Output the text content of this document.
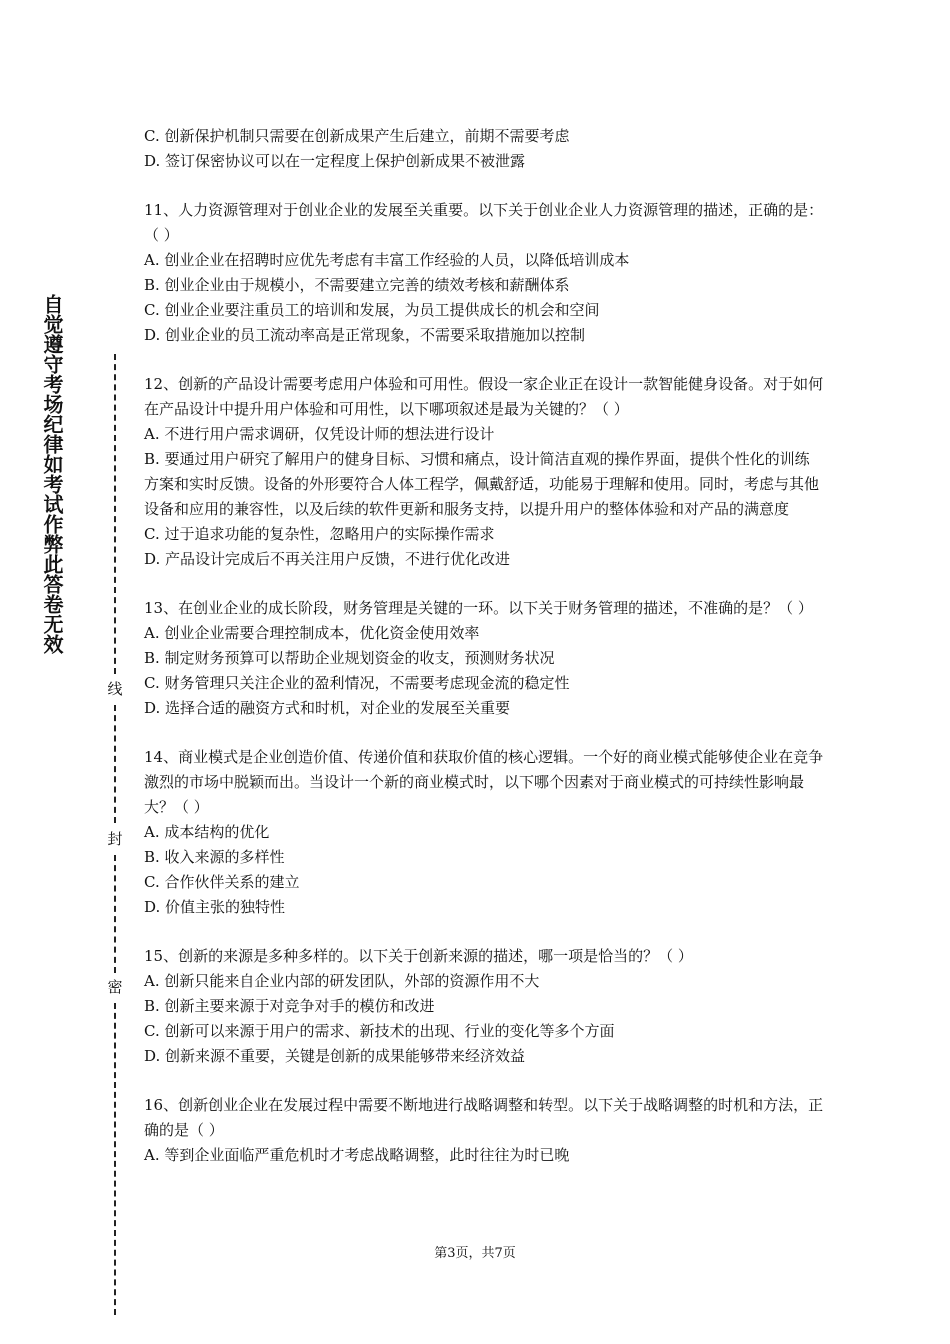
自觉遵守考场纪律如考试作弊此答卷无效
线
封
密
C. 创新保护机制只需要在创新成果产生后建立，前期不需要考虑
D. 签订保密协议可以在一定程度上保护创新成果不被泄露
11、人力资源管理对于创业企业的发展至关重要。以下关于创业企业人力资源管理的描述，正确的是：（ ）
A. 创业企业在招聘时应优先考虑有丰富工作经验的人员，以降低培训成本
B. 创业企业由于规模小，不需要建立完善的绩效考核和薪酬体系
C. 创业企业要注重员工的培训和发展，为员工提供成长的机会和空间
D. 创业企业的员工流动率高是正常现象，不需要采取措施加以控制
12、创新的产品设计需要考虑用户体验和可用性。假设一家企业正在设计一款智能健身设备。对于如何在产品设计中提升用户体验和可用性，以下哪项叙述是最为关键的？（ ）
A. 不进行用户需求调研，仅凭设计师的想法进行设计
B. 要通过用户研究了解用户的健身目标、习惯和痛点，设计简洁直观的操作界面，提供个性化的训练方案和实时反馈。设备的外形要符合人体工程学，佩戴舒适，功能易于理解和使用。同时，考虑与其他设备和应用的兼容性，以及后续的软件更新和服务支持，以提升用户的整体体验和对产品的满意度
C. 过于追求功能的复杂性，忽略用户的实际操作需求
D. 产品设计完成后不再关注用户反馈，不进行优化改进
13、在创业企业的成长阶段，财务管理是关键的一环。以下关于财务管理的描述，不准确的是？（ ）
A. 创业企业需要合理控制成本，优化资金使用效率
B. 制定财务预算可以帮助企业规划资金的收支，预测财务状况
C. 财务管理只关注企业的盈利情况，不需要考虑现金流的稳定性
D. 选择合适的融资方式和时机，对企业的发展至关重要
14、商业模式是企业创造价值、传递价值和获取价值的核心逻辑。一个好的商业模式能够使企业在竞争激烈的市场中脱颖而出。当设计一个新的商业模式时，以下哪个因素对于商业模式的可持续性影响最大？（ ）
A. 成本结构的优化
B. 收入来源的多样性
C. 合作伙伴关系的建立
D. 价值主张的独特性
15、创新的来源是多种多样的。以下关于创新来源的描述，哪一项是恰当的？（ ）
A. 创新只能来自企业内部的研发团队，外部的资源作用不大
B. 创新主要来源于对竞争对手的模仿和改进
C. 创新可以来源于用户的需求、新技术的出现、行业的变化等多个方面
D. 创新来源不重要，关键是创新的成果能够带来经济效益
16、创新创业企业在发展过程中需要不断地进行战略调整和转型。以下关于战略调整的时机和方法，正确的是（ ）
A. 等到企业面临严重危机时才考虑战略调整，此时往往为时已晚
第3页，共7页
